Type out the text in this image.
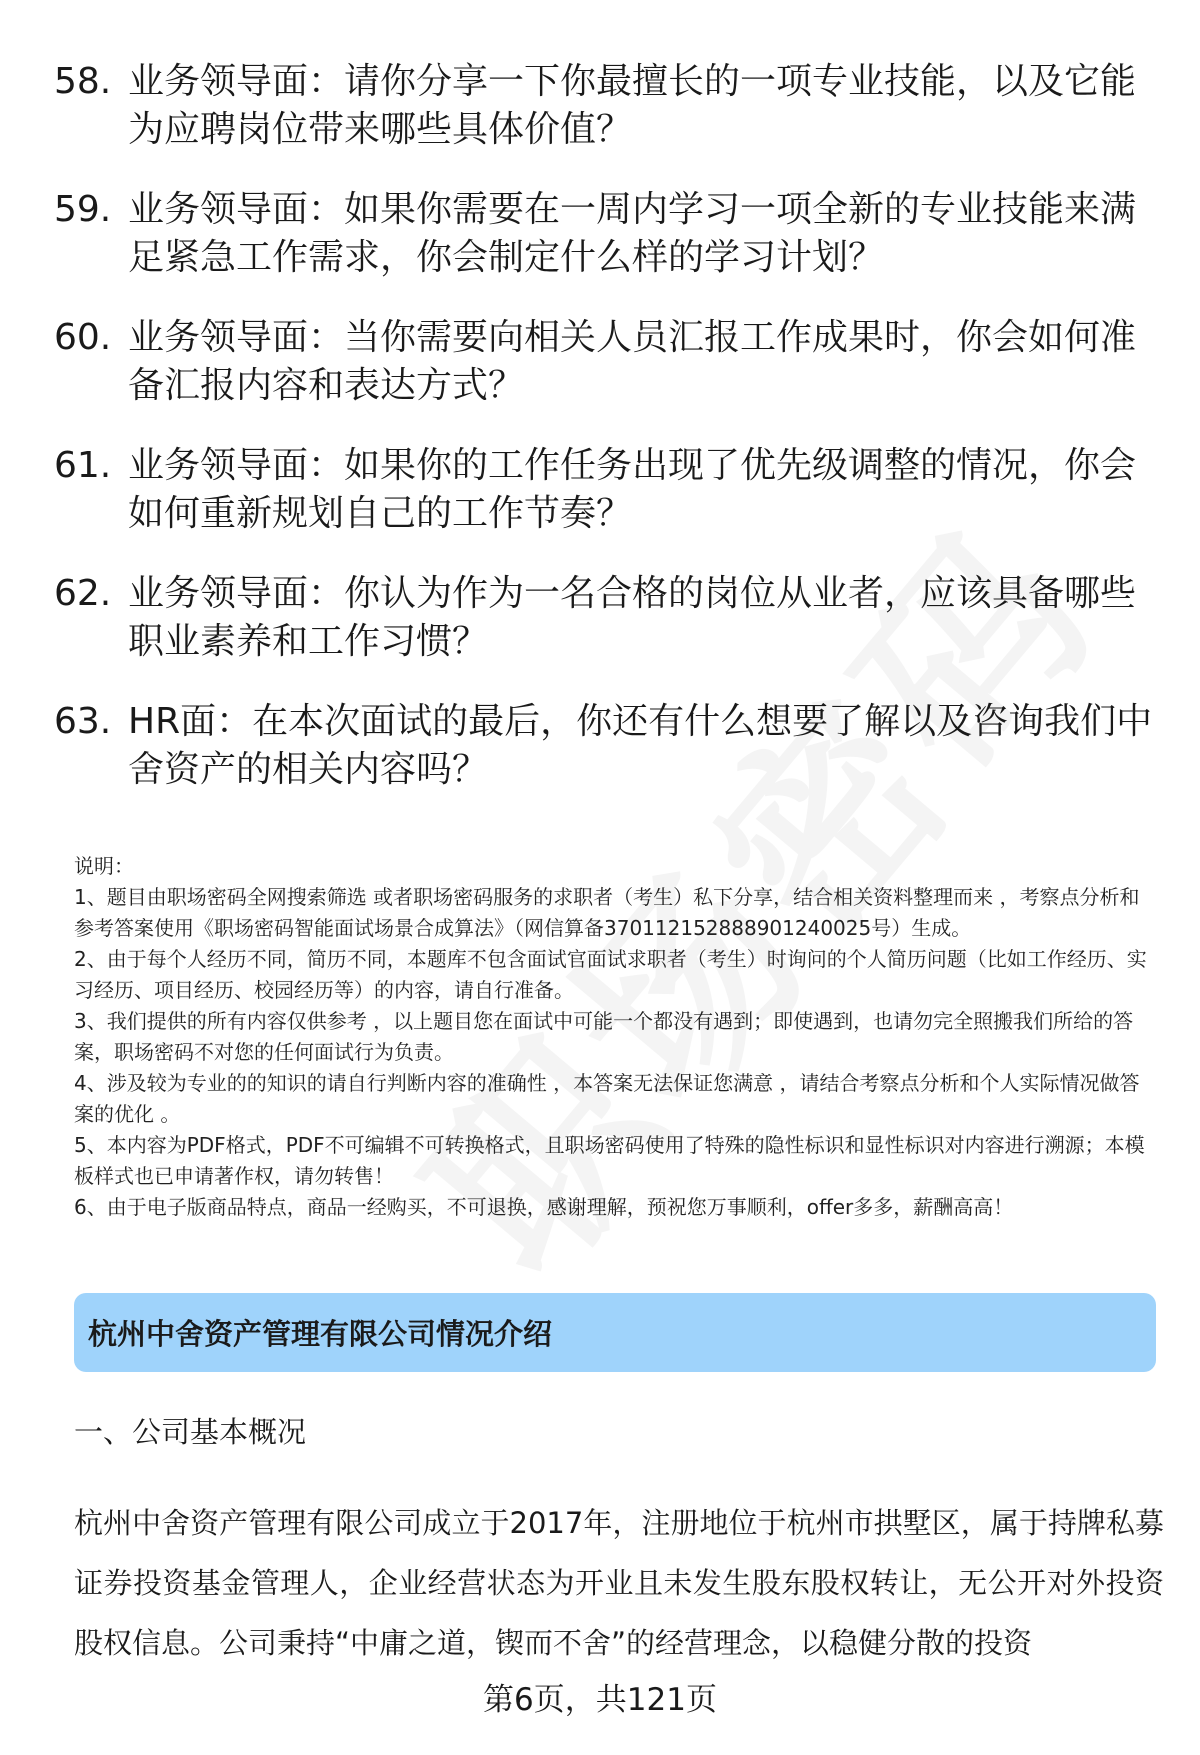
58. 业务领导面：请你分享一下你最擅长的一项专业技能，以及它能为应聘岗位带来哪些具体价值？
59. 业务领导面：如果你需要在一周内学习一项全新的专业技能来满足紧急工作需求，你会制定什么样的学习计划？
60. 业务领导面：当你需要向相关人员汇报工作成果时，你会如何准备汇报内容和表达方式？
61. 业务领导面：如果你的工作任务出现了优先级调整的情况，你会如何重新规划自己的工作节奏？
62. 业务领导面：你认为作为一名合格的岗位从业者，应该具备哪些职业素养和工作习惯？
63. HR面：在本次面试的最后，你还有什么想要了解以及咨询我们中舍资产的相关内容吗？
说明：
1、题目由职场密码全网搜索筛选 或者职场密码服务的求职者（考生）私下分享，结合相关资料整理而来 ，考察点分析和参考答案使用《职场密码智能面试场景合成算法》（网信算备370112152888901240025号）生成。
2、由于每个人经历不同，简历不同，本题库不包含面试官面试求职者（考生）时询问的个人简历问题（比如工作经历、实习经历、项目经历、校园经历等）的内容，请自行准备。
3、我们提供的所有内容仅供参考 ，以上题目您在面试中可能一个都没有遇到；即使遇到，也请勿完全照搬我们所给的答案，职场密码不对您的任何面试行为负责。
4、涉及较为专业的的知识的请自行判断内容的准确性 ，本答案无法保证您满意 ，请结合考察点分析和个人实际情况做答案的优化 。
5、本内容为PDF格式，PDF不可编辑不可转换格式，且职场密码使用了特殊的隐性标识和显性标识对内容进行溯源；本模板样式也已申请著作权，请勿转售！
6、由于电子版商品特点，商品一经购买，不可退换，感谢理解，预祝您万事顺利，offer多多，薪酬高高！
杭州中舍资产管理有限公司情况介绍
一、公司基本概况
杭州中舍资产管理有限公司成立于2017年，注册地位于杭州市拱墅区，属于持牌私募证券投资基金管理人，企业经营状态为开业且未发生股东股权转让，无公开对外投资股权信息。公司秉持“中庸之道，锲而不舍”的经营理念，以稳健分散的投资
第6页，共121页
